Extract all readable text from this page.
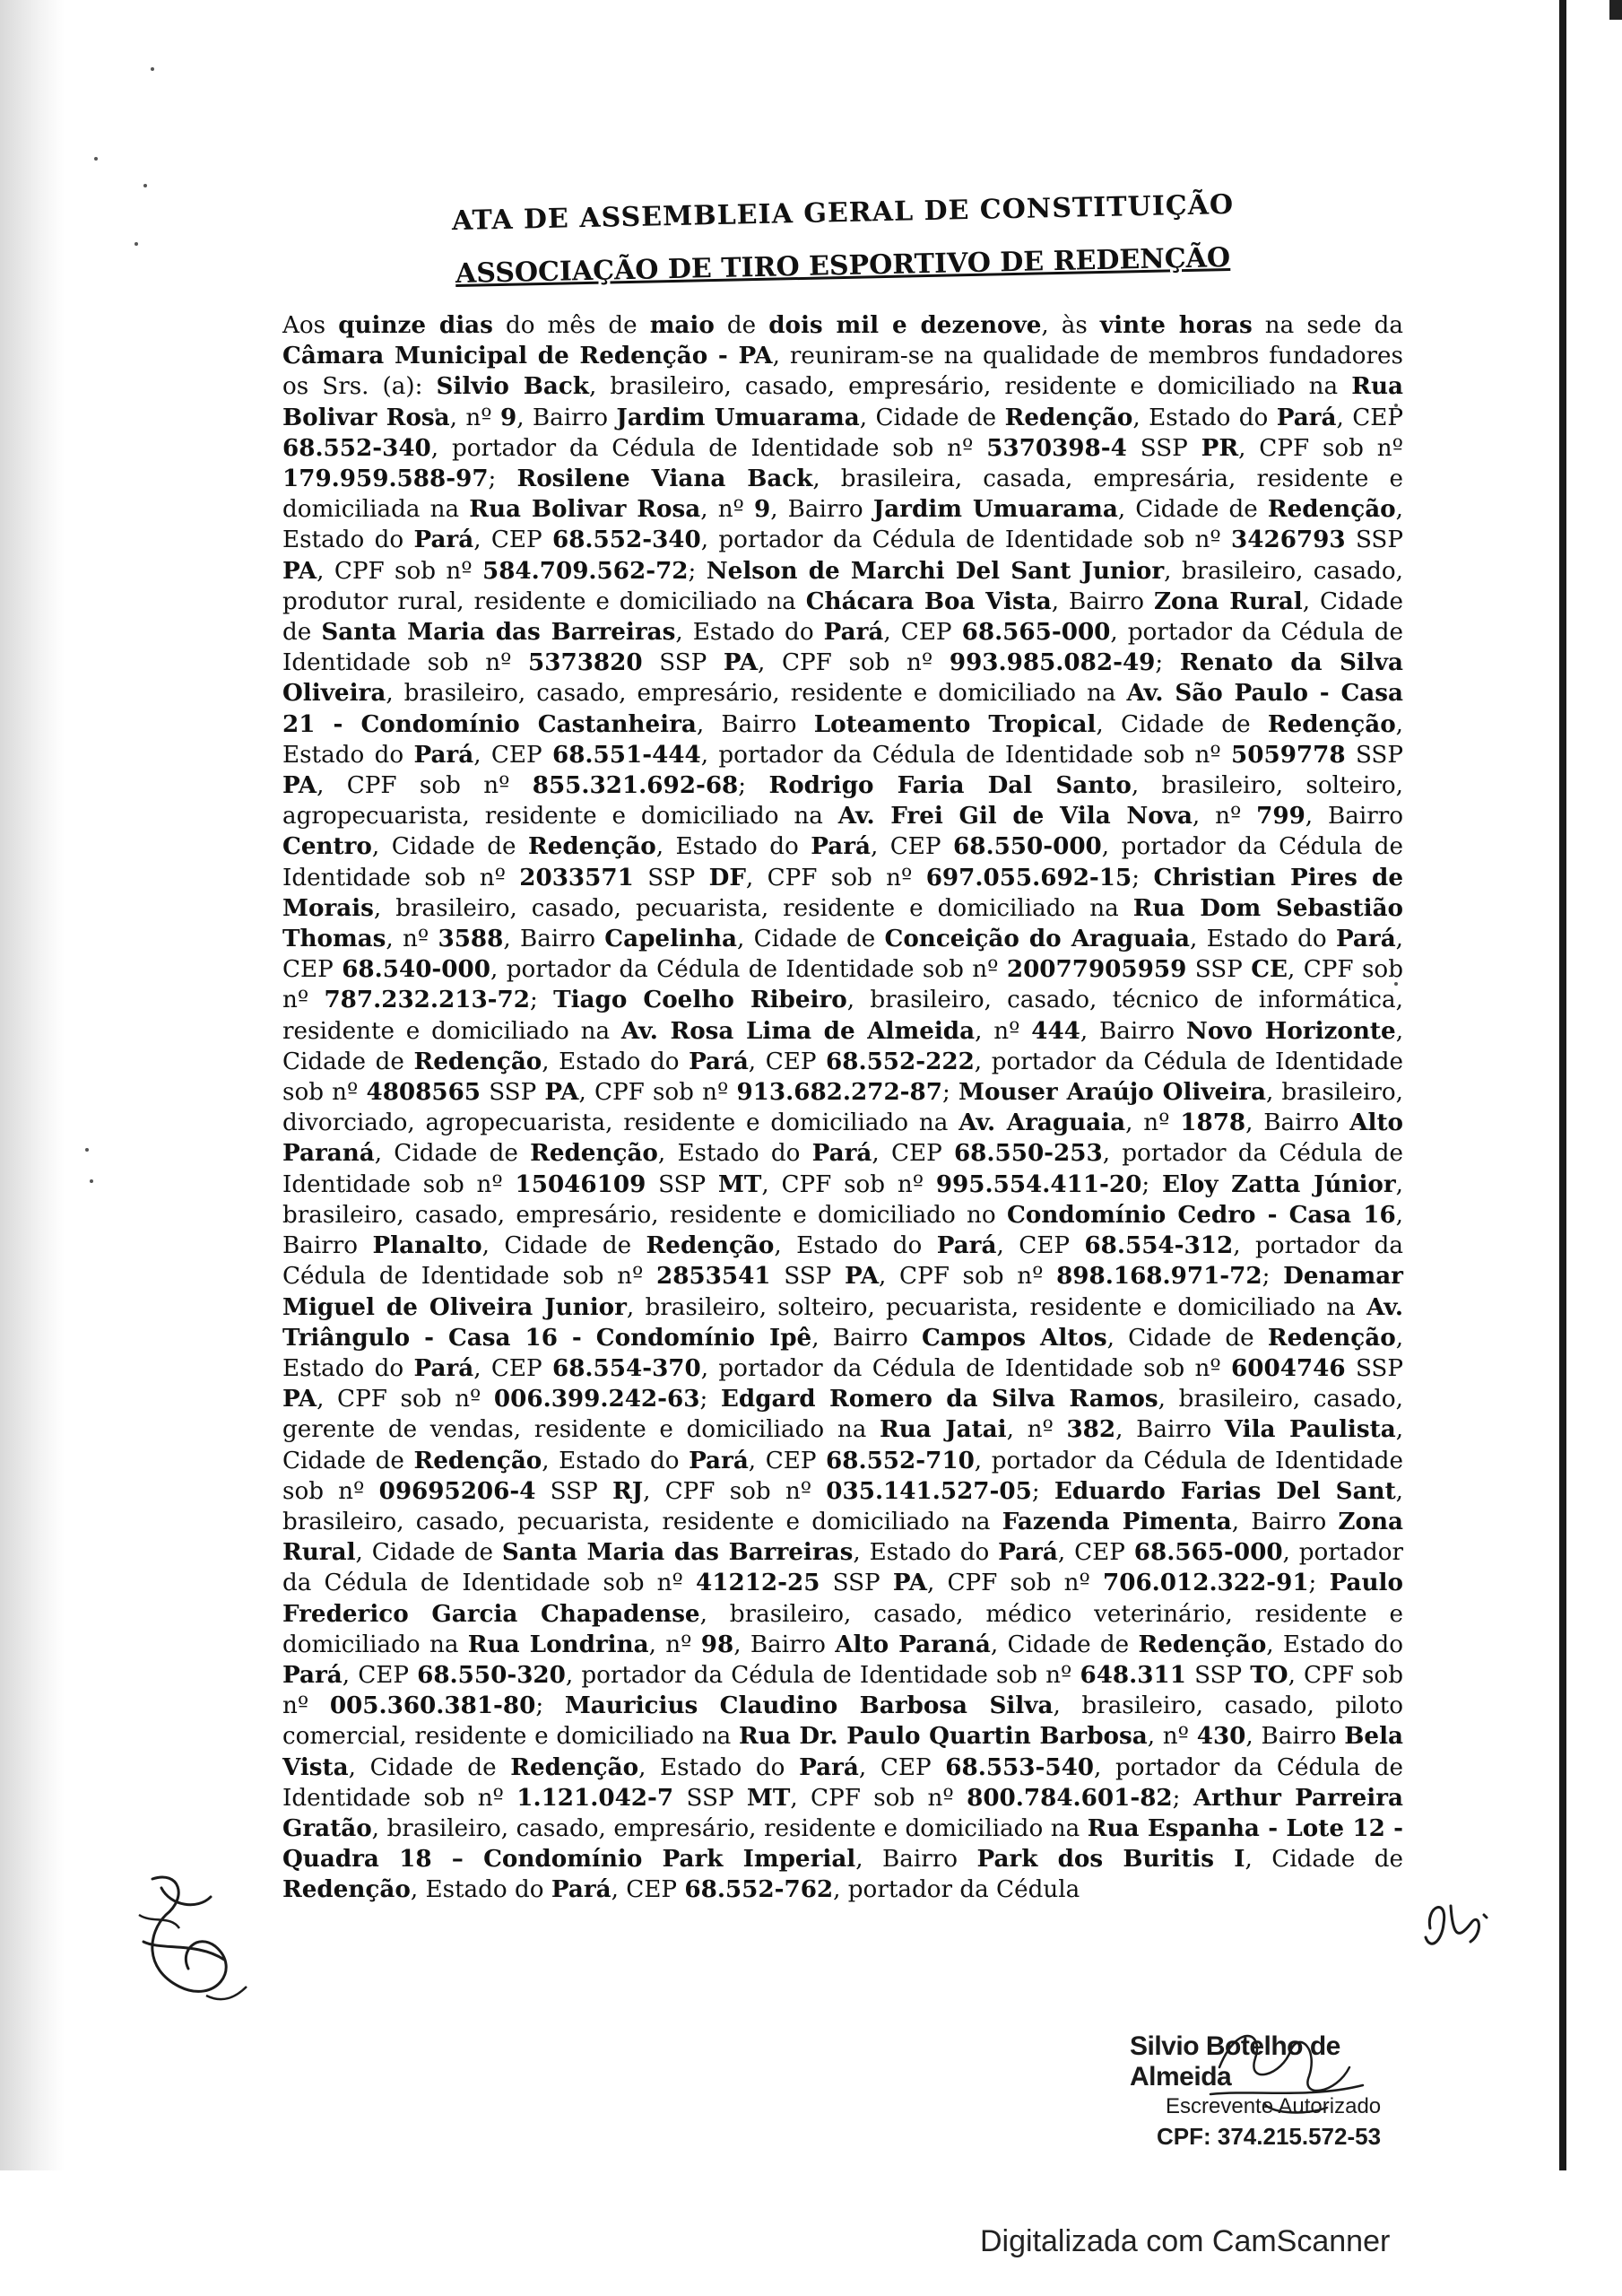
ATA DE ASSEMBLEIA GERAL DE CONSTITUIÇÃO
ASSOCIAÇÃO DE TIRO ESPORTIVO DE REDENÇÃO

Aos quinze dias do mês de maio de dois mil e dezenove, às vinte horas na sede da Câmara Municipal de Redenção - PA, reuniram-se na qualidade de membros fundadores os Srs. (a): Silvio Back, brasileiro, casado, empresário, residente e domiciliado na Rua Bolivar Rosa, nº 9, Bairro Jardim Umuarama, Cidade de Redenção, Estado do Pará, CEP 68.552-340, portador da Cédula de Identidade sob nº 5370398-4 SSP PR, CPF sob nº 179.959.588-97; Rosilene Viana Back, brasileira, casada, empresária, residente e domiciliada na Rua Bolivar Rosa, nº 9, Bairro Jardim Umuarama, Cidade de Redenção, Estado do Pará, CEP 68.552-340, portador da Cédula de Identidade sob nº 3426793 SSP PA, CPF sob nº 584.709.562-72; Nelson de Marchi Del Sant Junior, brasileiro, casado, produtor rural, residente e domiciliado na Chácara Boa Vista, Bairro Zona Rural, Cidade de Santa Maria das Barreiras, Estado do Pará, CEP 68.565-000, portador da Cédula de Identidade sob nº 5373820 SSP PA, CPF sob nº 993.985.082-49; Renato da Silva Oliveira, brasileiro, casado, empresário, residente e domiciliado na Av. São Paulo - Casa 21 - Condomínio Castanheira, Bairro Loteamento Tropical, Cidade de Redenção, Estado do Pará, CEP 68.551-444, portador da Cédula de Identidade sob nº 5059778 SSP PA, CPF sob nº 855.321.692-68; Rodrigo Faria Dal Santo, brasileiro, solteiro, agropecuarista, residente e domiciliado na Av. Frei Gil de Vila Nova, nº 799, Bairro Centro, Cidade de Redenção, Estado do Pará, CEP 68.550-000, portador da Cédula de Identidade sob nº 2033571 SSP DF, CPF sob nº 697.055.692-15; Christian Pires de Morais, brasileiro, casado, pecuarista, residente e domiciliado na Rua Dom Sebastião Thomas, nº 3588, Bairro Capelinha, Cidade de Conceição do Araguaia, Estado do Pará, CEP 68.540-000, portador da Cédula de Identidade sob nº 20077905959 SSP CE, CPF sob nº 787.232.213-72; Tiago Coelho Ribeiro, brasileiro, casado, técnico de informática, residente e domiciliado na Av. Rosa Lima de Almeida, nº 444, Bairro Novo Horizonte, Cidade de Redenção, Estado do Pará, CEP 68.552-222, portador da Cédula de Identidade sob nº 4808565 SSP PA, CPF sob nº 913.682.272-87; Mouser Araújo Oliveira, brasileiro, divorciado, agropecuarista, residente e domiciliado na Av. Araguaia, nº 1878, Bairro Alto Paraná, Cidade de Redenção, Estado do Pará, CEP 68.550-253, portador da Cédula de Identidade sob nº 15046109 SSP MT, CPF sob nº 995.554.411-20; Eloy Zatta Júnior, brasileiro, casado, empresário, residente e domiciliado no Condomínio Cedro - Casa 16, Bairro Planalto, Cidade de Redenção, Estado do Pará, CEP 68.554-312, portador da Cédula de Identidade sob nº 2853541 SSP PA, CPF sob nº 898.168.971-72; Denamar Miguel de Oliveira Junior, brasileiro, solteiro, pecuarista, residente e domiciliado na Av. Triângulo - Casa 16 - Condomínio Ipê, Bairro Campos Altos, Cidade de Redenção, Estado do Pará, CEP 68.554-370, portador da Cédula de Identidade sob nº 6004746 SSP PA, CPF sob nº 006.399.242-63; Edgard Romero da Silva Ramos, brasileiro, casado, gerente de vendas, residente e domiciliado na Rua Jatai, nº 382, Bairro Vila Paulista, Cidade de Redenção, Estado do Pará, CEP 68.552-710, portador da Cédula de Identidade sob nº 09695206-4 SSP RJ, CPF sob nº 035.141.527-05; Eduardo Farias Del Sant, brasileiro, casado, pecuarista, residente e domiciliado na Fazenda Pimenta, Bairro Zona Rural, Cidade de Santa Maria das Barreiras, Estado do Pará, CEP 68.565-000, portador da Cédula de Identidade sob nº 41212-25 SSP PA, CPF sob nº 706.012.322-91; Paulo Frederico Garcia Chapadense, brasileiro, casado, médico veterinário, residente e domiciliado na Rua Londrina, nº 98, Bairro Alto Paraná, Cidade de Redenção, Estado do Pará, CEP 68.550-320, portador da Cédula de Identidade sob nº 648.311 SSP TO, CPF sob nº 005.360.381-80; Mauricius Claudino Barbosa Silva, brasileiro, casado, piloto comercial, residente e domiciliado na Rua Dr. Paulo Quartin Barbosa, nº 430, Bairro Bela Vista, Cidade de Redenção, Estado do Pará, CEP 68.553-540, portador da Cédula de Identidade sob nº 1.121.042-7 SSP MT, CPF sob nº 800.784.601-82; Arthur Parreira Gratão, brasileiro, casado, empresário, residente e domiciliado na Rua Espanha - Lote 12 - Quadra 18 – Condomínio Park Imperial, Bairro Park dos Buritis I, Cidade de Redenção, Estado do Pará, CEP 68.552-762, portador da Cédula

Silvio Botelho de Almeida

Escrevente Autorizado

CPF: 374.215.572-53

Digitalizada com CamScanner
